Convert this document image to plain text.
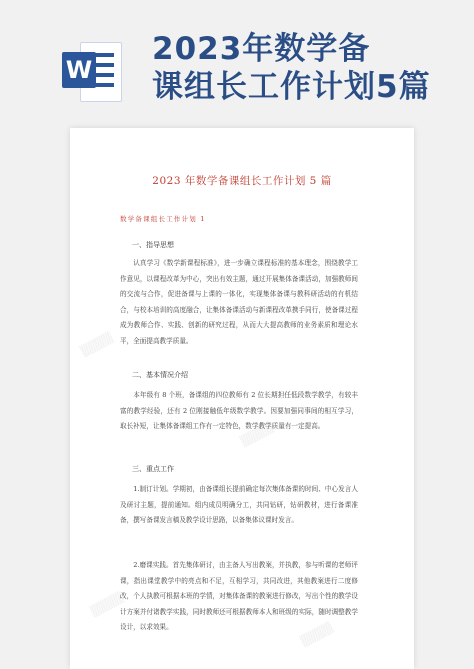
W
2023年数学备
课组长工作计划5篇
2023 年数学备课组长工作计划 5 篇
数学备课组长工作计划 1
一、指导思想
认真学习《数学新课程标准》，进一步确立课程标准的基本理念，围绕教学工作意见，以课程改革为中心，突出有效主题，通过开展集体备课活动，加强教师间的交流与合作，促进备课与上课的一体化，实现集体备课与教科研活动的有机结合，与校本培训的高度融合，让集体备课活动与新课程改革携手同行，使备课过程成为教师合作、实践、创新的研究过程，从而大大提高教师的业务素质和理论水平，全面提高教学质量。
二、基本情况介绍
本年级有 8 个班，备课组的四位教师有 2 位长期担任低段数学教学，有较丰富的教学经验，还有 2 位刚接触低年级数学教学。因要加强同事间的相互学习，取长补短，让集体备课组工作有一定特色，数学教学质量有一定提高。
三、重点工作
1.制订计划。学期初，由备课组长提前确定每次集体备课的时间、中心发言人及研讨主题，提前通知。组内成员明确分工，共同钻研，钻研教材，进行备课准备，撰写备课发言稿及教学设计思路，以备集体议课时发言。
2.磨课实践。首先集体研讨，由主备人写出教案，并执教，参与听课的老师评课，指出课堂教学中的亮点和不足，互相学习，共同改进，其他教案进行二度修改，个人执教可根据本班的学情，对集体备课的教案进行修改，写出个性的教学设计方案并付诸教学实践，同时教师还可根据教师本人和班级的实际，随时调整教学设计，以求效果。
▒▒▒▒
▒▒▒▒
▒▒▒▒
▒▒▒▒
